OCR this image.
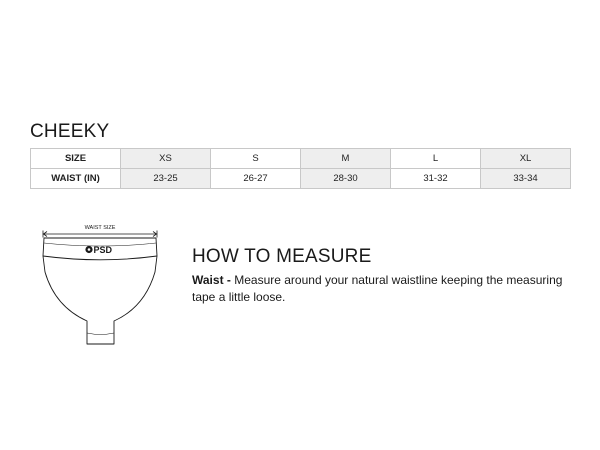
CHEEKY
SIZE	XS	S	M	L	XL
WAIST (IN)	23-25	26-27	28-30	31-32	33-34
WAIST SIZE
PSD	HOW TO MEASURE

Waist - Measure around your natural waistline keeping the measuring tape a little loose.
